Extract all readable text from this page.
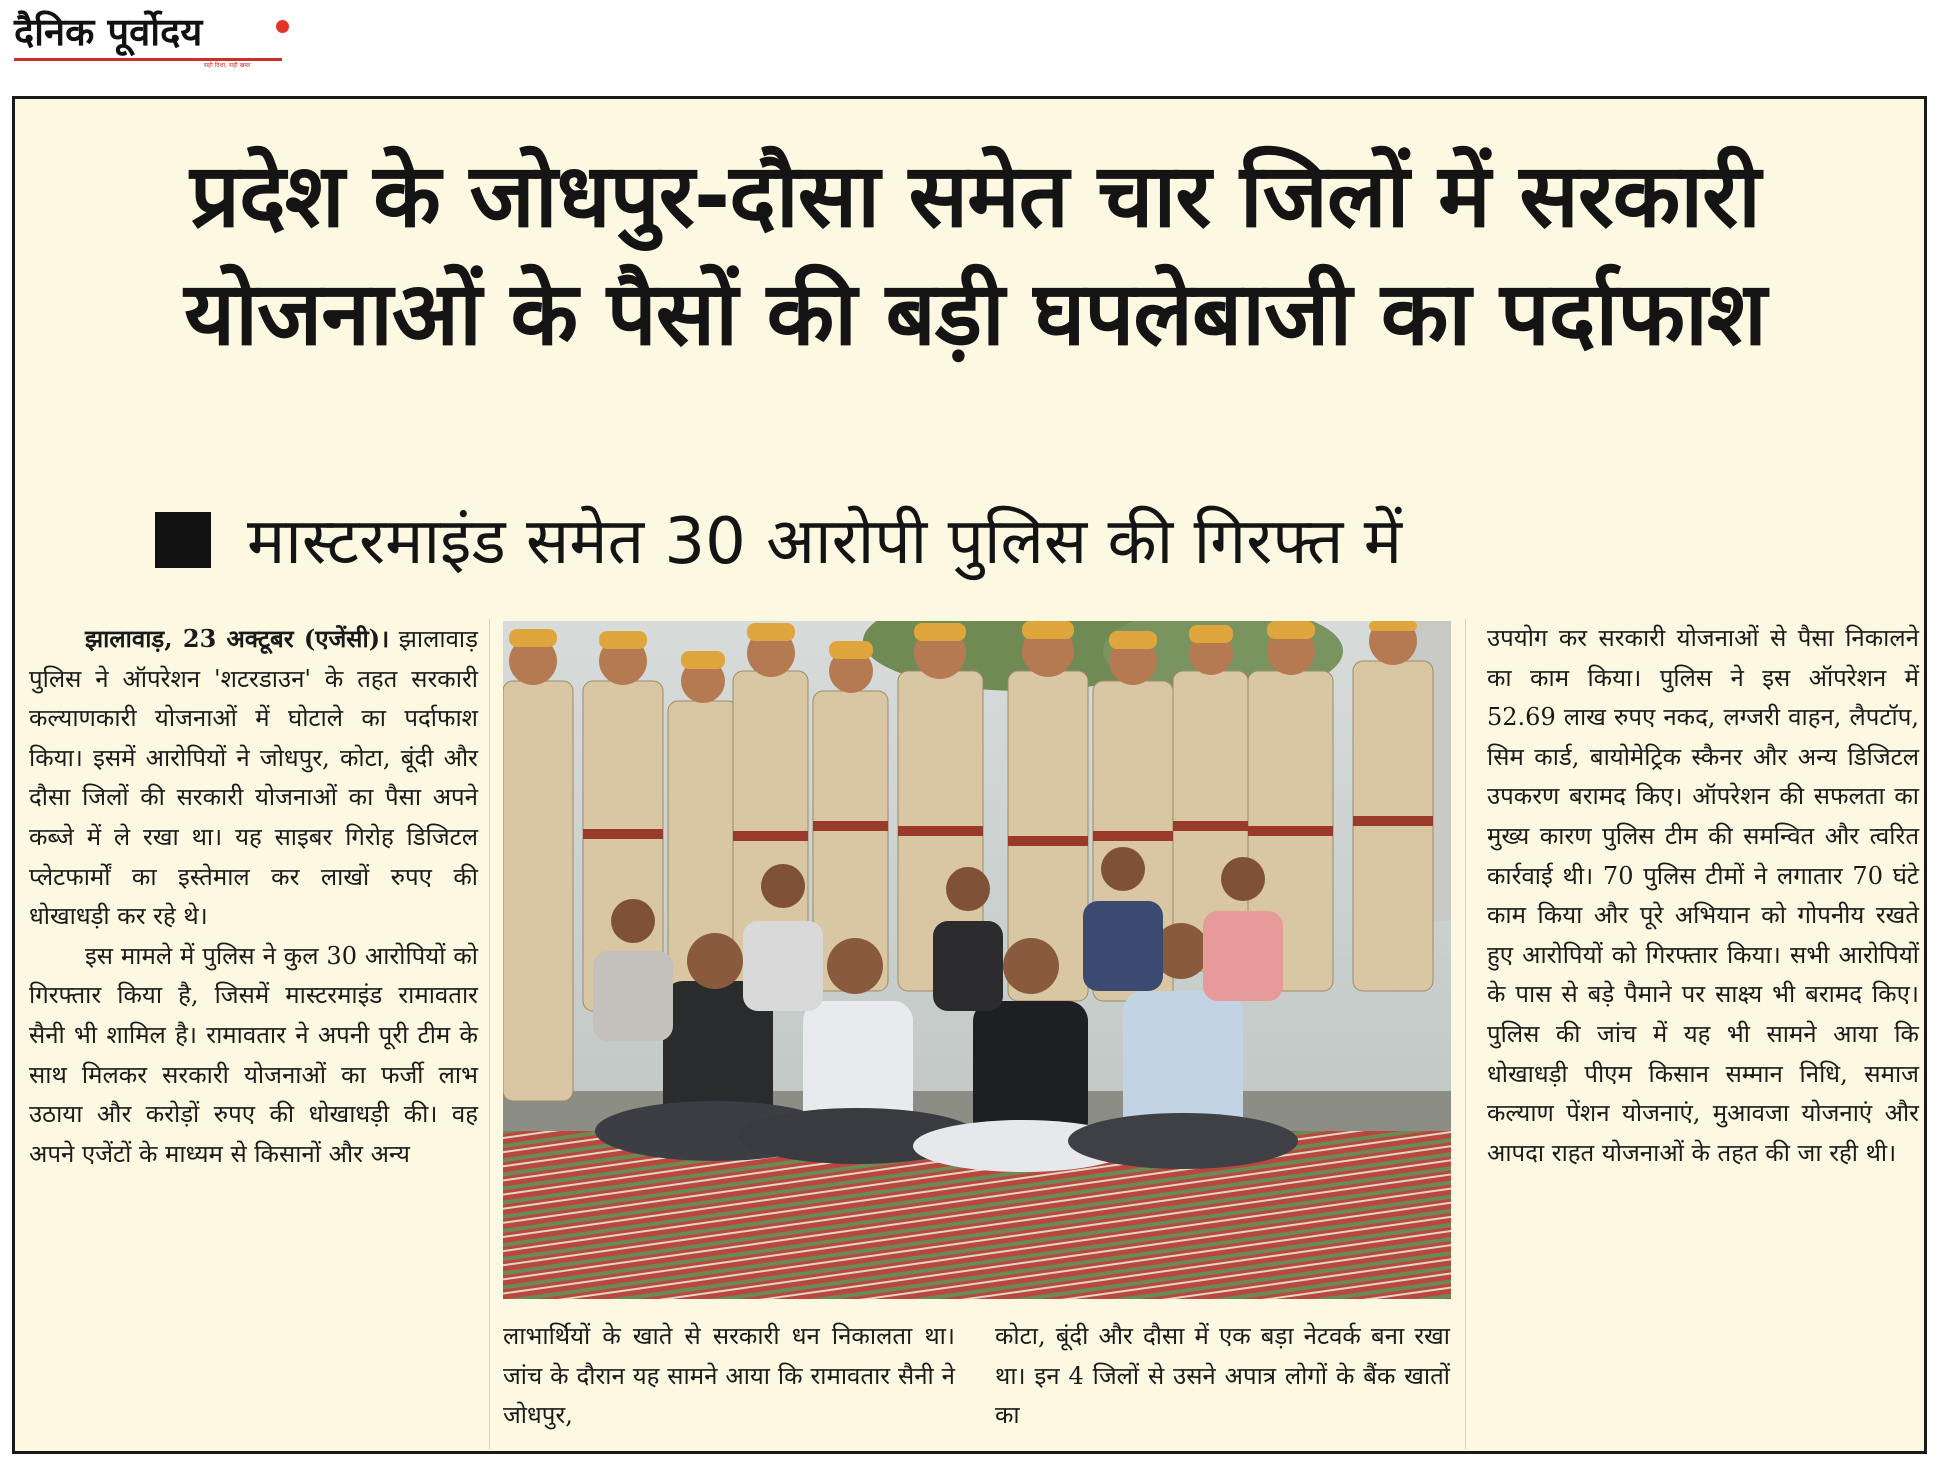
दैनिक पूर्वोदय
सही दिशा, सही खबर
प्रदेश के जोधपुर-दौसा समेत चार जिलों में सरकारी योजनाओं के पैसों की बड़ी घपलेबाजी का पर्दाफाश
मास्टरमाइंड समेत 30 आरोपी पुलिस की गिरफ्त में

झालावाड़, 23 अक्टूबर (एजेंसी)। झालावाड़ पुलिस ने ऑपरेशन 'शटरडाउन' के तहत सरकारी कल्याणकारी योजनाओं में घोटाले का पर्दाफाश किया। इसमें आरोपियों ने जोधपुर, कोटा, बूंदी और दौसा जिलों की सरकारी योजनाओं का पैसा अपने कब्जे में ले रखा था। यह साइबर गिरोह डिजिटल प्लेटफार्मों का इस्तेमाल कर लाखों रुपए की धोखाधड़ी कर रहे थे।

इस मामले में पुलिस ने कुल 30 आरोपियों को गिरफ्तार किया है, जिसमें मास्टरमाइंड रामावतार सैनी भी शामिल है। रामावतार ने अपनी पूरी टीम के साथ मिलकर सरकारी योजनाओं का फर्जी लाभ उठाया और करोड़ों रुपए की धोखाधड़ी की। वह अपने एजेंटों के माध्यम से किसानों और अन्य

लाभार्थियों के खाते से सरकारी धन निकालता था। जांच के दौरान यह सामने आया कि रामावतार सैनी ने जोधपुर,
कोटा, बूंदी और दौसा में एक बड़ा नेटवर्क बना रखा था। इन 4 जिलों से उसने अपात्र लोगों के बैंक खातों का
उपयोग कर सरकारी योजनाओं से पैसा निकालने का काम किया। पुलिस ने इस ऑपरेशन में 52.69 लाख रुपए नकद, लग्जरी वाहन, लैपटॉप, सिम कार्ड, बायोमेट्रिक स्कैनर और अन्य डिजिटल उपकरण बरामद किए। ऑपरेशन की सफलता का मुख्य कारण पुलिस टीम की समन्वित और त्वरित कार्रवाई थी। 70 पुलिस टीमों ने लगातार 70 घंटे काम किया और पूरे अभियान को गोपनीय रखते हुए आरोपियों को गिरफ्तार किया। सभी आरोपियों के पास से बड़े पैमाने पर साक्ष्य भी बरामद किए। पुलिस की जांच में यह भी सामने आया कि धोखाधड़ी पीएम किसान सम्मान निधि, समाज कल्याण पेंशन योजनाएं, मुआवजा योजनाएं और आपदा राहत योजनाओं के तहत की जा रही थी।
